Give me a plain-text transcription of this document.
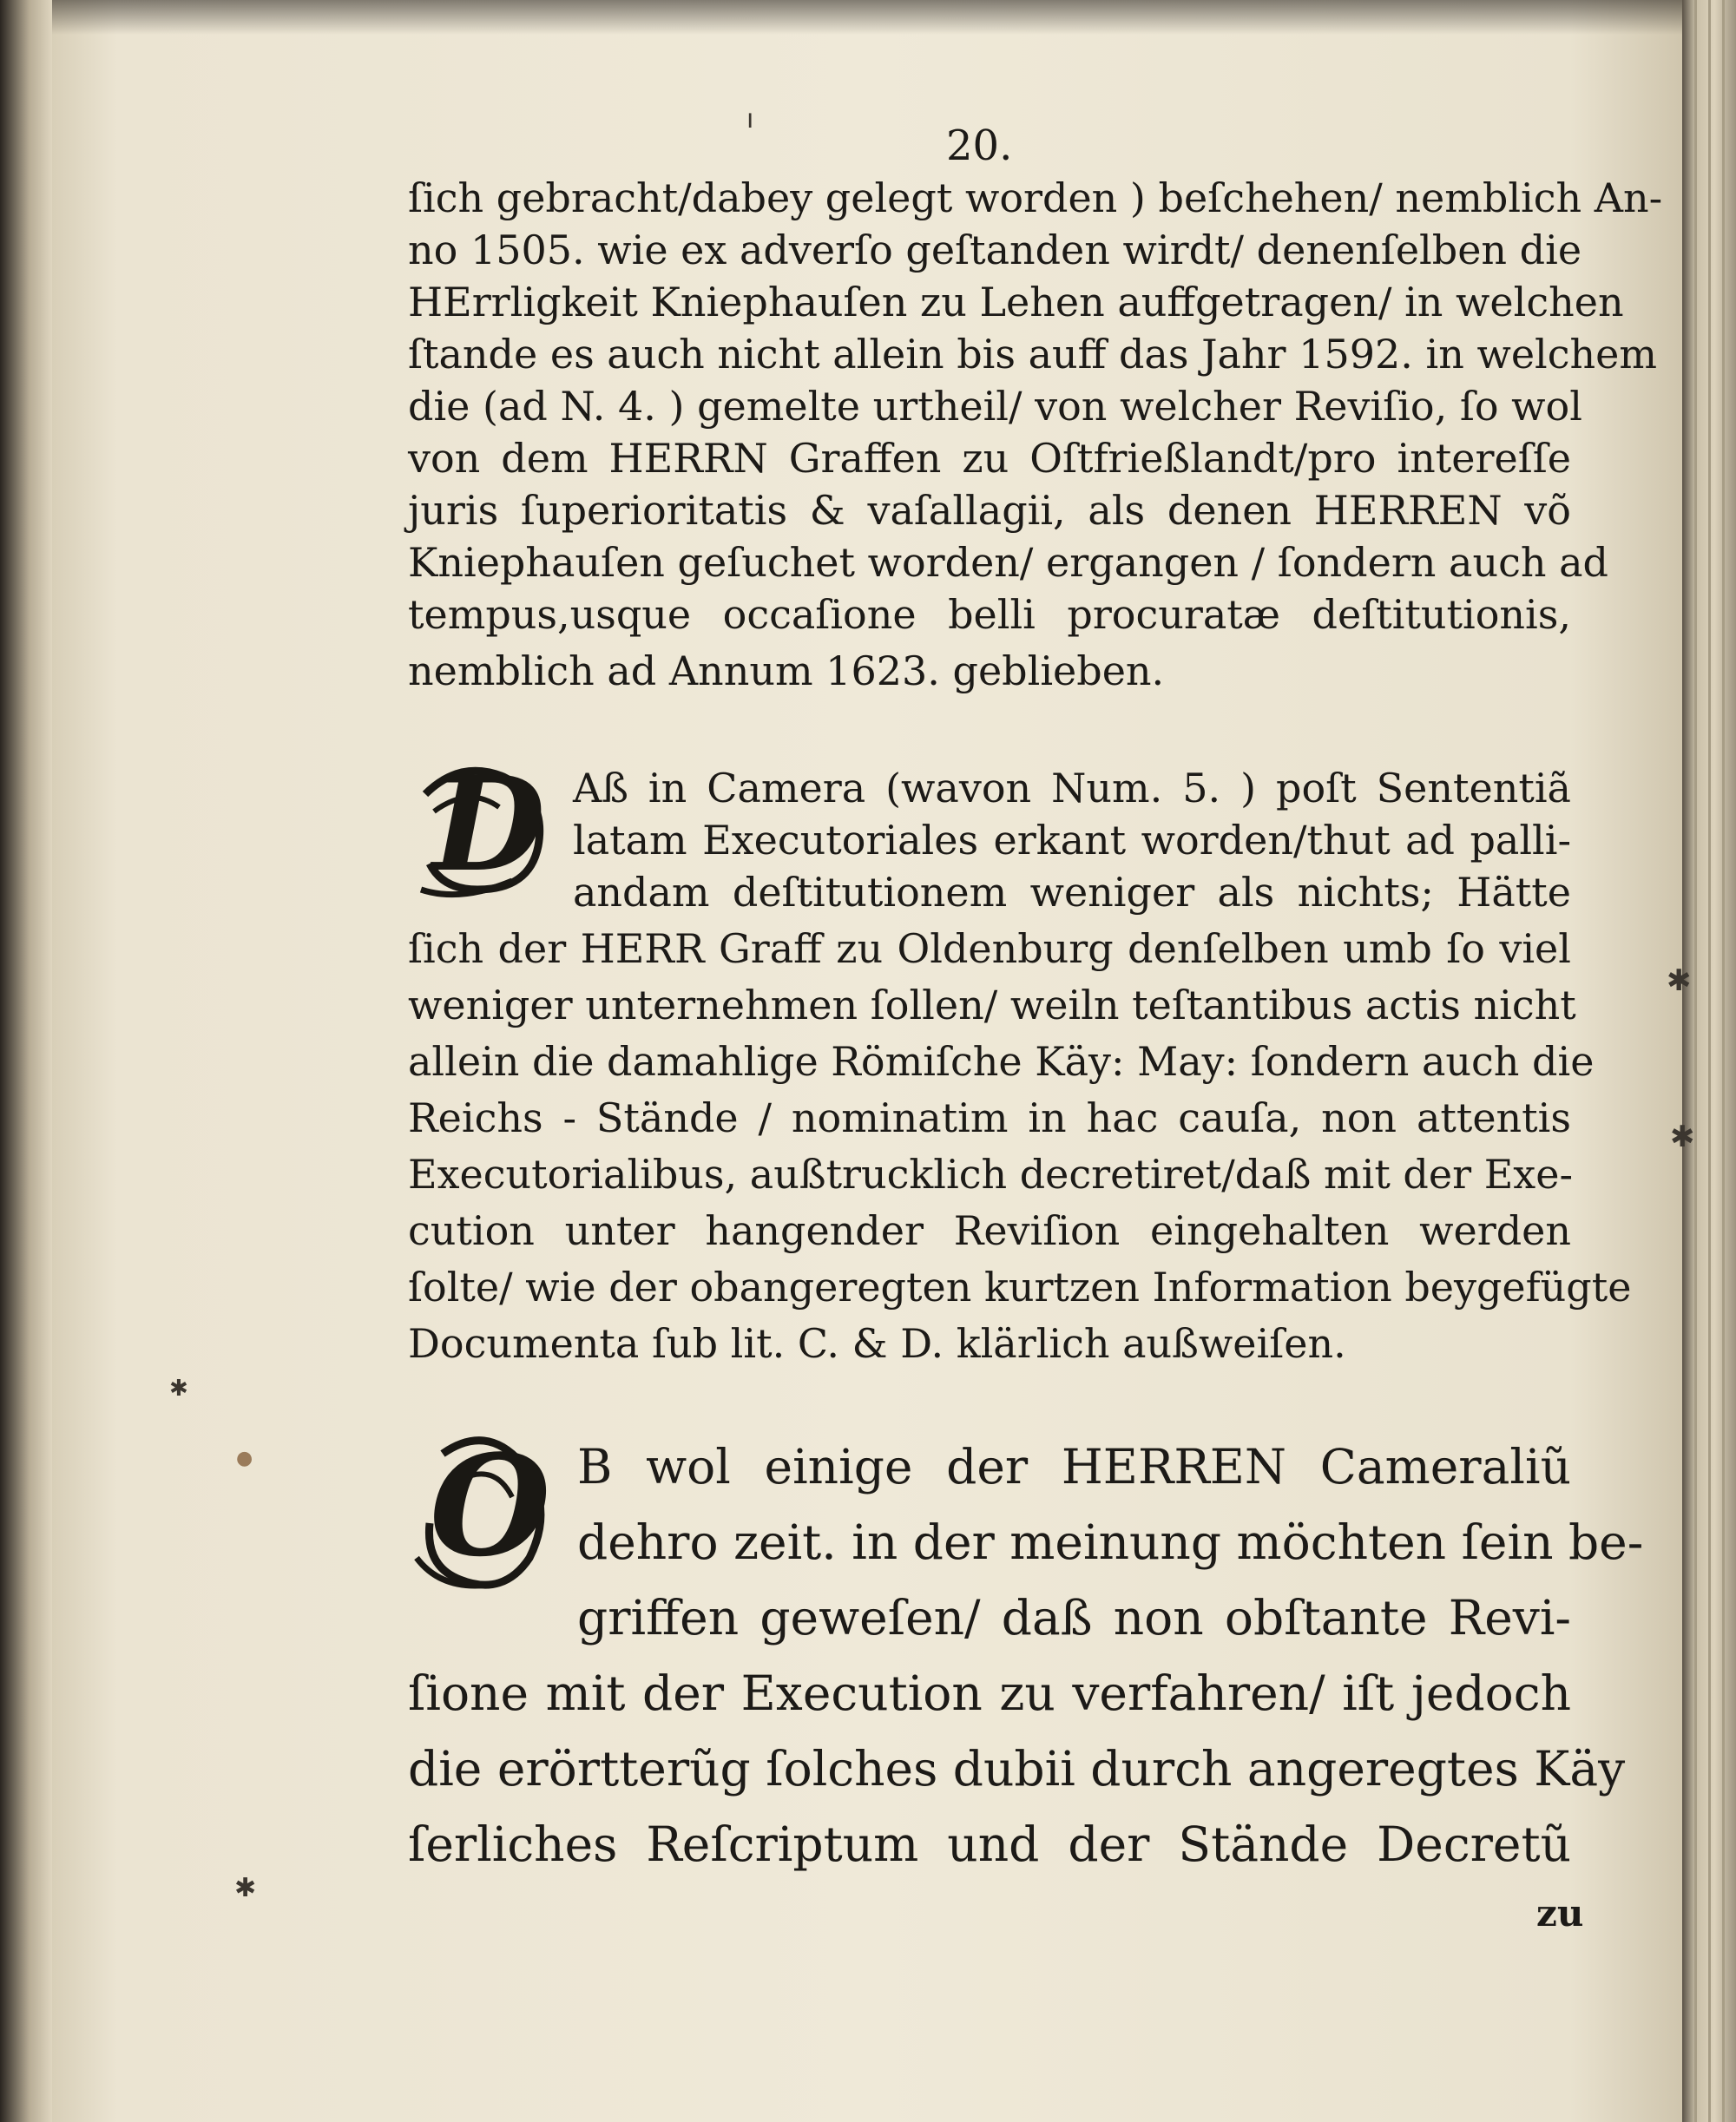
ı
✱
●
✱
✱
✱
20.
ſich gebracht/dabey gelegt worden ) beſchehen/ nemblich An-
no 1505. wie ex adverſo geſtanden wirdt/ denenſelben die
HErrligkeit Kniephauſen zu Lehen auffgetragen/ in welchen
ſtande es auch nicht allein bis auff das Jahr 1592. in welchem
die (ad N. 4. ) gemelte urtheil/ von welcher Reviſio, ſo wol
von dem HERRN Graffen zu Oſtfrießlandt/pro intereſſe
juris ſuperioritatis & vaſallagii, als denen HERREN võ
Kniephauſen geſuchet worden/ ergangen / ſondern auch ad
tempus,usque occaſione belli procuratæ deſtitutionis,
nemblich ad Annum 1623. geblieben.
D Aß in Camera (wavon Num. 5. ) poſt Sententiã
latam Executoriales erkant worden/thut ad palli-
andam deſtitutionem weniger als nichts; Hätte
ſich der HERR Graff zu Oldenburg denſelben umb ſo viel
weniger unternehmen ſollen/ weiln teſtantibus actis nicht
allein die damahlige Römiſche Käy: May: ſondern auch die
Reichs - Stände / nominatim in hac cauſa, non attentis
Executorialibus, außtrucklich decretiret/daß mit der Exe-
cution unter hangender Reviſion eingehalten werden
ſolte/ wie der obangeregten kurtzen Information beygefügte
Documenta ſub lit. C. & D. klärlich außweiſen.
O B wol einige der HERREN Cameraliũ
dehro zeit. in der meinung möchten ſein be-
griffen geweſen/ daß non obſtante Revi-
ſione mit der Execution zu verfahren/ iſt jedoch
die erörtterũg ſolches dubii durch angeregtes Käy
ſerliches Reſcriptum und der Stände Decretũ
zu
